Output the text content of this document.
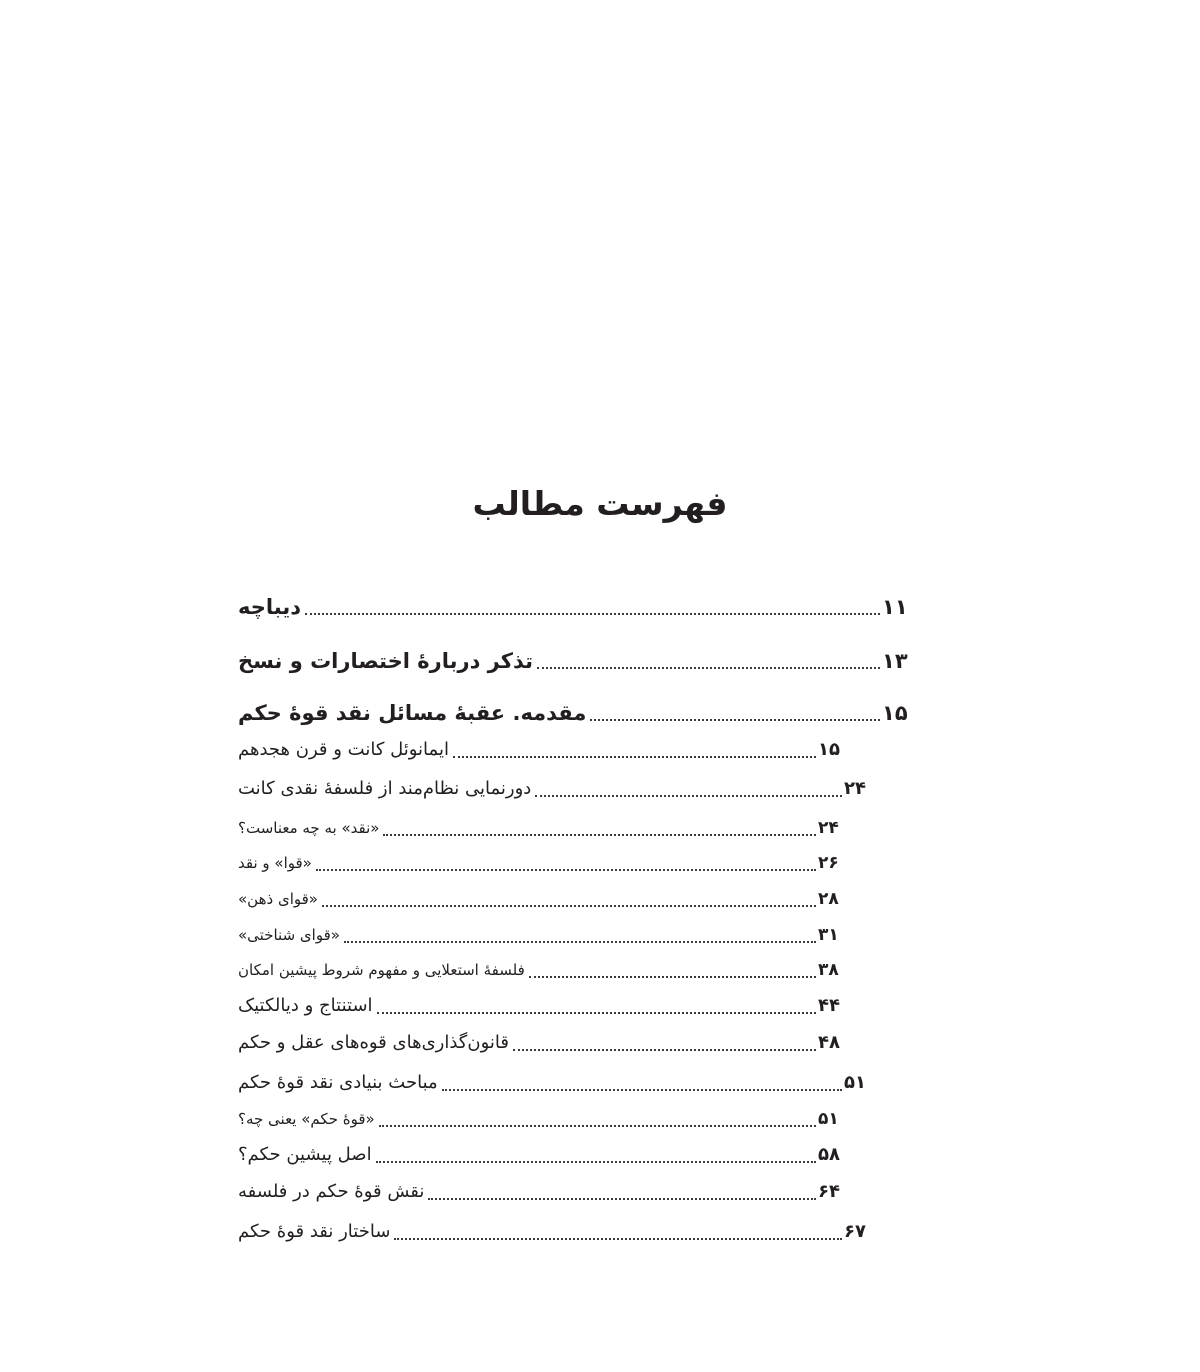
فهرست مطالب
دیباچه	۱۱
تذکر دربارۀ اختصارات و نسخ	۱۳
مقدمه. عقبۀ مسائل نقد قوۀ حکم	۱۵
ایمانوئل کانت و قرن هجدهم	۱۵
دورنمایی نظام‌مند از فلسفۀ نقدی کانت	۲۴
«نقد» به چه معناست؟	۲۴
«قوا» و نقد	۲۶
«قوای ذهن»	۲۸
«قوای شناختی»	۳۱
فلسفۀ استعلایی و مفهوم شروط پیشین امکان	۳۸
استنتاج و دیالکتیک	۴۴
قانون‌گذاری‌های قوه‌های عقل و حکم	۴۸
مباحث بنیادی نقد قوۀ حکم	۵۱
«قوۀ حکم» یعنی چه؟	۵۱
اصل پیشین حکم؟	۵۸
نقش قوۀ حکم در فلسفه	۶۴
ساختار نقد قوۀ حکم	۶۷
